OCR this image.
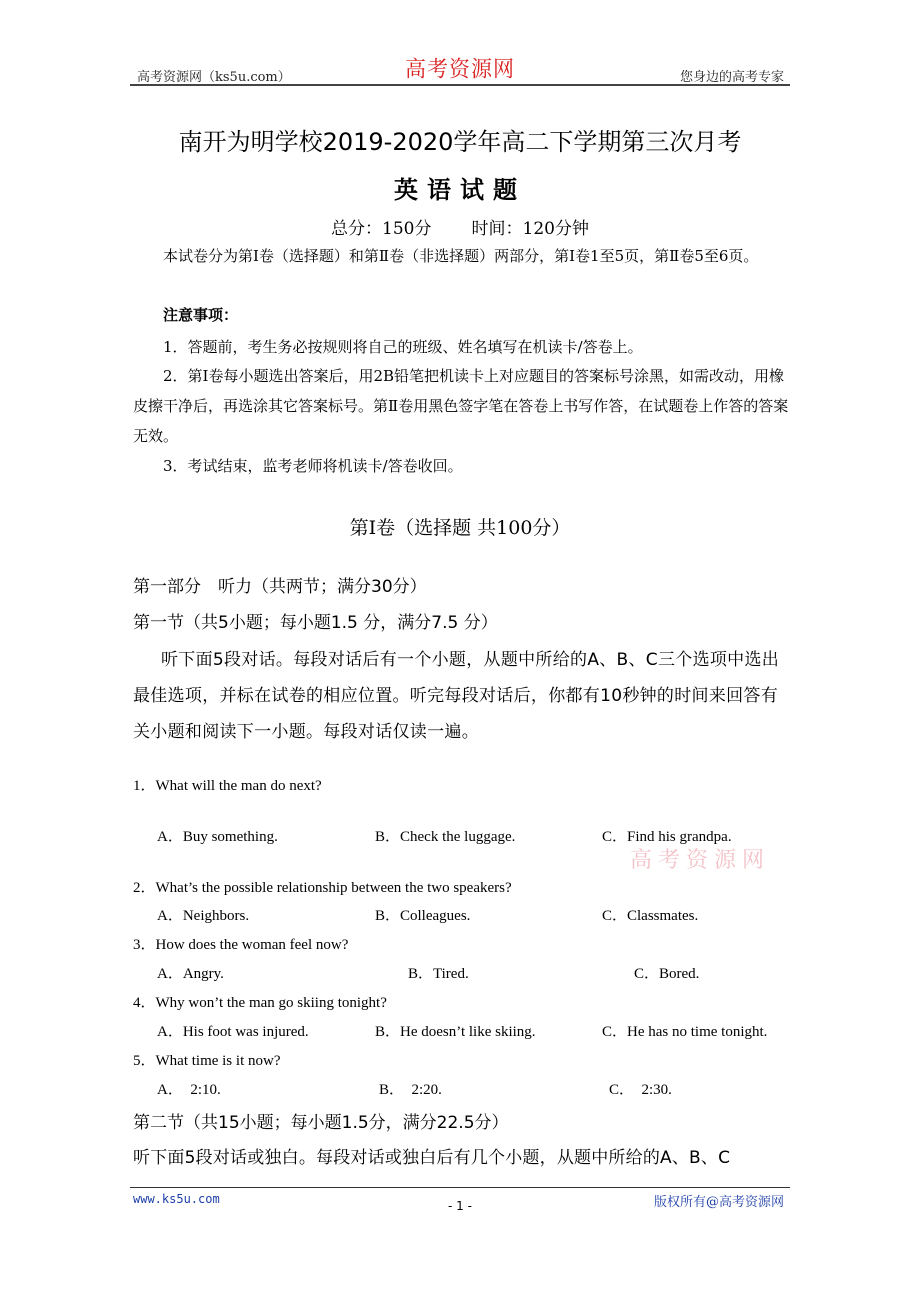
高考资源网（ks5u.com）	高考资源网	您身边的高考专家
南开为明学校2019-2020学年高二下学期第三次月考
英语试题
总分：150分 时间：120分钟
本试卷分为第Ⅰ卷（选择题）和第Ⅱ卷（非选择题）两部分，第Ⅰ卷1至5页，第Ⅱ卷5至6页。
注意事项：
1．答题前，考生务必按规则将自己的班级、姓名填写在机读卡/答卷上。
2．第Ⅰ卷每小题选出答案后，用2B铅笔把机读卡上对应题目的答案标号涂黑，如需改动，用橡皮擦干净后，再选涂其它答案标号。第Ⅱ卷用黑色签字笔在答卷上书写作答，在试题卷上作答的答案无效。
3．考试结束，监考老师将机读卡/答卷收回。
第Ⅰ卷（选择题 共100分）
第一部分　听力（共两节；满分30分）
第一节（共5小题；每小题1.5 分，满分7.5 分）
听下面5段对话。每段对话后有一个小题，从题中所给的A、B、C三个选项中选出最佳选项，并标在试卷的相应位置。听完每段对话后，你都有10秒钟的时间来回答有关小题和阅读下一小题。每段对话仅读一遍。
1．What will the man do next?
A．Buy something.	B．Check the luggage.	C．Find his grandpa.
高考资源网
2．What’s the possible relationship between the two speakers?
A．Neighbors.	B．Colleagues.	C．Classmates.
3．How does the woman feel now?
A．Angry.	B．Tired.	C．Bored.
4．Why won’t the man go skiing tonight?
A．His foot was injured.	B．He doesn’t like skiing.	C．He has no time tonight.
5．What time is it now?
A．  2:10.	B．  2:20.	C．  2:30.
第二节（共15小题；每小题1.5分，满分22.5分）
听下面5段对话或独白。每段对话或独白后有几个小题，从题中所给的A、B、C
www.ks5u.com	- 1 -	版权所有@高考资源网
